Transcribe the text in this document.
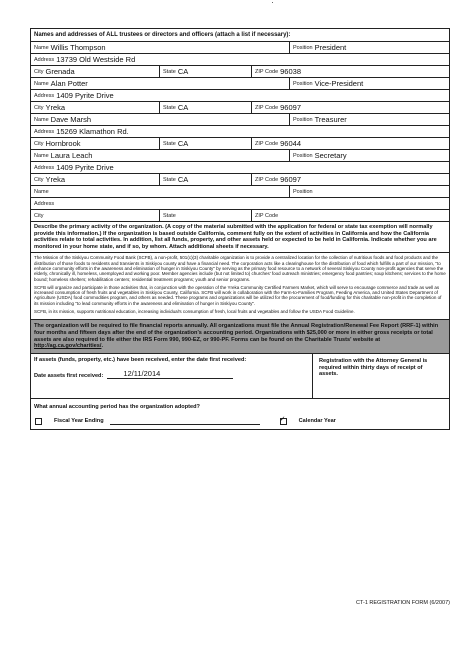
Names and addresses of ALL trustees or directors and officers (attach a list if necessary):
Name Willis Thompson	Position President
Address 13739 Old Westside Rd
City Grenada	State CA	ZIP Code 96038
Name Alan Potter	Position Vice-President
Address 1409 Pyrite Drive
City Yreka	State CA	ZIP Code 96097
Name Dave Marsh	Position Treasurer
Address 15269 Klamathon Rd.
City Hornbrook	State CA	ZIP Code 96044
Name Laura Leach	Position Secretary
Address 1409 Pyrite Drive
City Yreka	State CA	ZIP Code 96097
Name	Position
Address
City	State	ZIP Code
Describe the primary activity of the organization. (A copy of the material submitted with the application for federal or state tax exemption will normally provide this information.) If the organization is based outside California, comment fully on the extent of activities in California and how the California activities relate to total activities. In addition, list all funds, property, and other assets held or expected to be held in California. Indicate whether you are monitored in your home state, and if so, by whom. Attach additional sheets if necessary.

The Mission of the Siskiyou Community Food Bank (SCFB), a non-profit, 501(c)(3) charitable organization is to provide a centralized location for the collection of nutritious foods and food products and the distribution of those foods to residents and transients in Siskiyou county and have a financial need. The corporation acts like a clearinghouse for the distribution of food which fulfills a part of our mission, "to enhance community efforts in the awareness and elimination of hunger in Siskiyou County" by serving as the primary food resource to a network of several Siskiyou County non-profit agencies that serve the elderly, chronically ill, homeless, unemployed and working poor. Member agencies include (but not limited to) churches' food outreach ministries; emergency food pantries; soup kitchens; services to the home bound; homeless shelters; rehabilitation centers; residential treatment programs; youth and senior programs.

SCFB will organize and participate in those activities that, in conjunction with the operation of the Yreka Community Certified Farmers Market, which will serve to encourage commerce and trade as well as increased consumption of fresh fruits and vegetables in Siskiyou County, California. SCFB will work in collaboration with the Farm-to-Families Program, Feeding America, and United States Department of Agriculture (USDA) food commodities program, and others as needed. These programs and organizations will be utilized for the procurement of food/funding for this charitable non-profit in the completion of its mission including "to lead community efforts in the awareness and elimination of hunger in Siskiyou County".

SCFB, in its mission, supports nutritional education, increasing individual's consumption of fresh, local fruits and vegetables and follow the USDA Food Guideline.

The organization will be required to file financial reports annually. All organizations must file the Annual Registration/Renewal Fee Report (RRF-1) within four months and fifteen days after the end of the organization's accounting period. Organizations with $25,000 or more in either gross receipts or total assets are also required to file either the IRS Form 990, 990-EZ, or 990-PF. Forms can be found on the Charitable Trusts' website at http://ag.ca.gov/charities/.
If assets (funds, property, etc.) have been received, enter the date first received:
Date assets first received:	12/11/2014
Registration with the Attorney General is required within thirty days of receipt of assets.
What annual accounting period has the organization adopted?
Fiscal Year Ending
✓	Calendar Year
CT-1 REGISTRATION FORM (6/2007)
